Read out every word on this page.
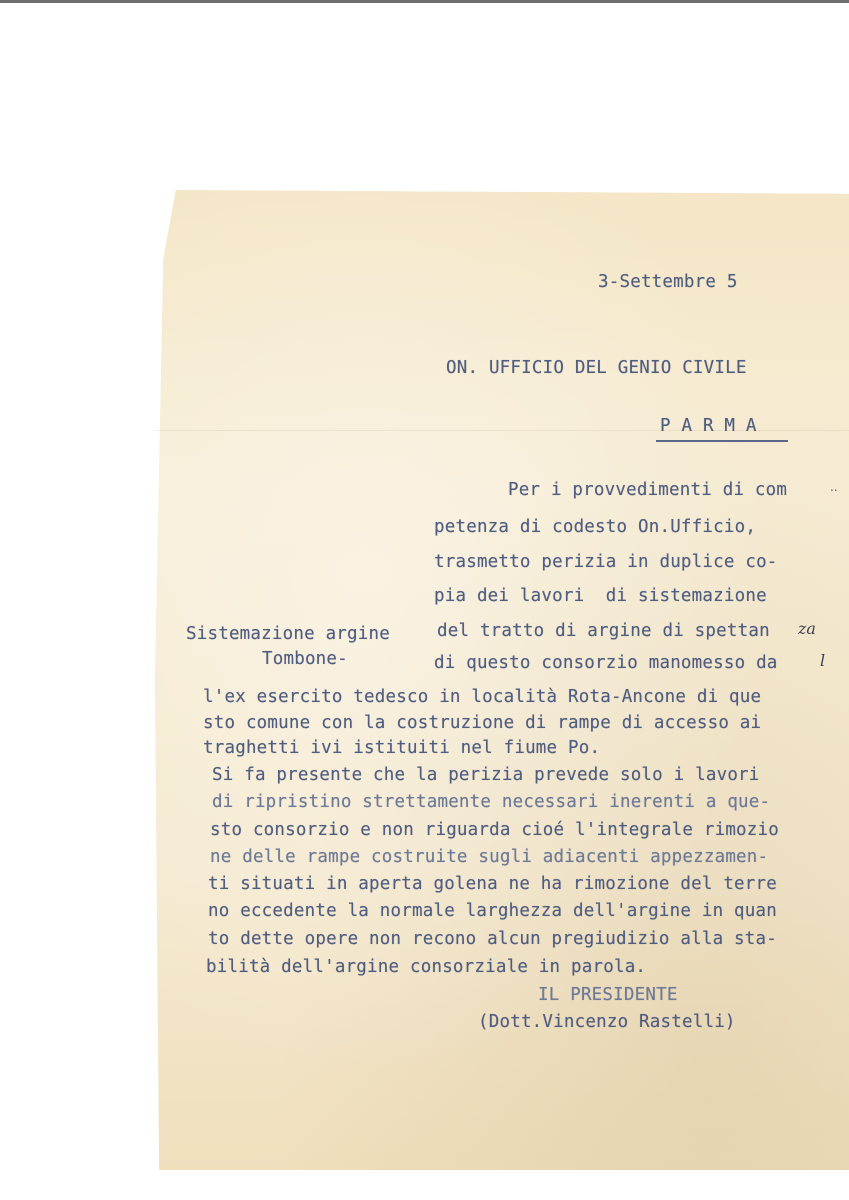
3-Settembre 5
ON. UFFICIO DEL GENIO CIVILE
P A R M A
Sistemazione argine
Tombone-
Per i provvedimenti di com	..
petenza di codesto On.Ufficio,
trasmetto perizia in duplice co-
pia dei lavori  di sistemazione
del tratto di argine di spettan za
di questo consorzio manomesso da	l
l'ex esercito tedesco in località Rota-Ancone di que
sto comune con la costruzione di rampe di accesso ai
traghetti ivi istituiti nel fiume Po.
Si fa presente che la perizia prevede solo i lavori
di ripristino strettamente necessari inerenti a que-
sto consorzio e non riguarda cioé l'integrale rimozio
ne delle rampe costruite sugli adiacenti appezzamen-
ti situati in aperta golena ne ha rimozione del terre
no eccedente la normale larghezza dell'argine in quan
to dette opere non recono alcun pregiudizio alla sta-
bilità dell'argine consorziale in parola.
IL PRESIDENTE
(Dott.Vincenzo Rastelli)
